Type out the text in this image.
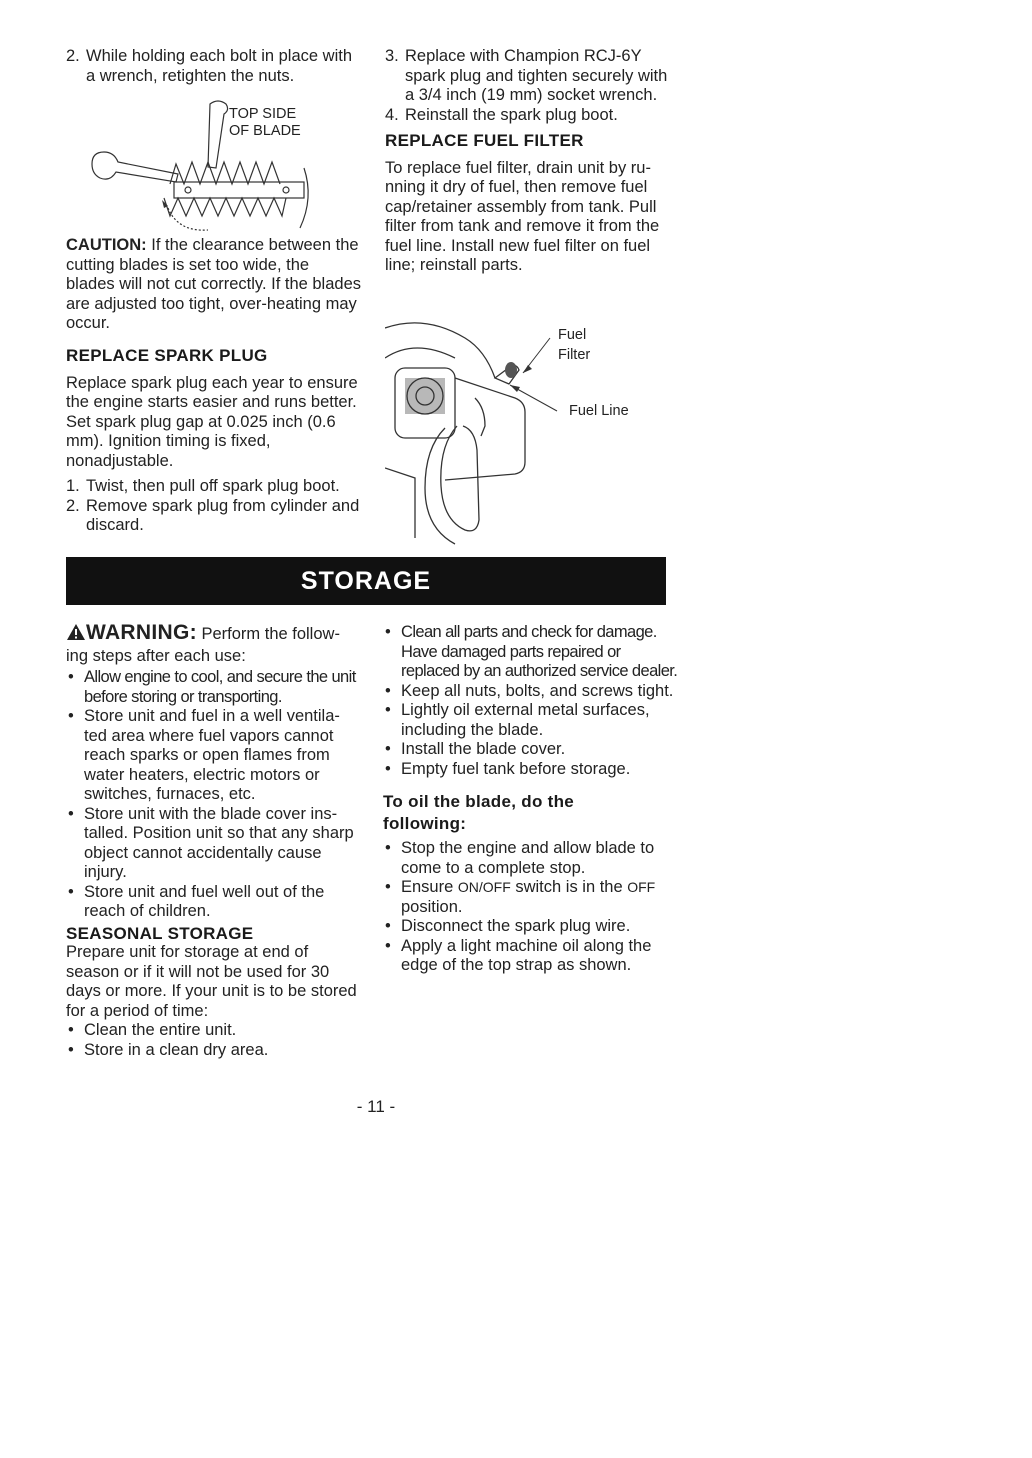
2. While holding each bolt in place with a wrench, retighten the nuts.
TOP SIDE
OF BLADE

CAUTION: If the clearance between the cutting blades is set too wide, the blades will not cut correctly. If the blades are adjusted too tight, over-heating may occur.

REPLACE SPARK PLUG

Replace spark plug each year to ensure the engine starts easier and runs better. Set spark plug gap at 0.025 inch (0.6 mm). Ignition timing is fixed, nonadjustable.

1. Twist, then pull off spark plug boot.
2. Remove spark plug from cylinder and discard.
3. Replace with Champion RCJ-6Y spark plug and tighten securely with a 3/4 inch (19 mm) socket wrench.
4. Reinstall the spark plug boot.
REPLACE FUEL FILTER

To replace fuel filter, drain unit by ru-nning it dry of fuel, then remove fuel cap/retainer assembly from tank. Pull filter from tank and remove it from the fuel line. Install new fuel filter on fuel line; reinstall parts.

Fuel
Filter
Fuel Line
STORAGE

WARNING: Perform the follow-ing steps after each use:

• Allow engine to cool, and secure the unit before storing or transporting.
• Store unit and fuel in a well ventila-ted area where fuel vapors cannot reach sparks or open flames from water heaters, electric motors or switches, furnaces, etc.
• Store unit with the blade cover ins-talled. Position unit so that any sharp object cannot accidentally cause injury.
• Store unit and fuel well out of the reach of children.
SEASONAL STORAGE

Prepare unit for storage at end of season or if it will not be used for 30 days or more. If your unit is to be stored for a period of time:

• Clean the entire unit.
• Store in a clean dry area.
• Clean all parts and check for damage. Have damaged parts repaired or replaced by an authorized service dealer.
• Keep all nuts, bolts, and screws tight.
• Lightly oil external metal surfaces, including the blade.
• Install the blade cover.
• Empty fuel tank before storage.
To oil the blade, do the following:
• Stop the engine and allow blade to come to a complete stop.
• Ensure ON/OFF switch is in the OFF position.
• Disconnect the spark plug wire.
• Apply a light machine oil along the edge of the top strap as shown.
- 11 -
